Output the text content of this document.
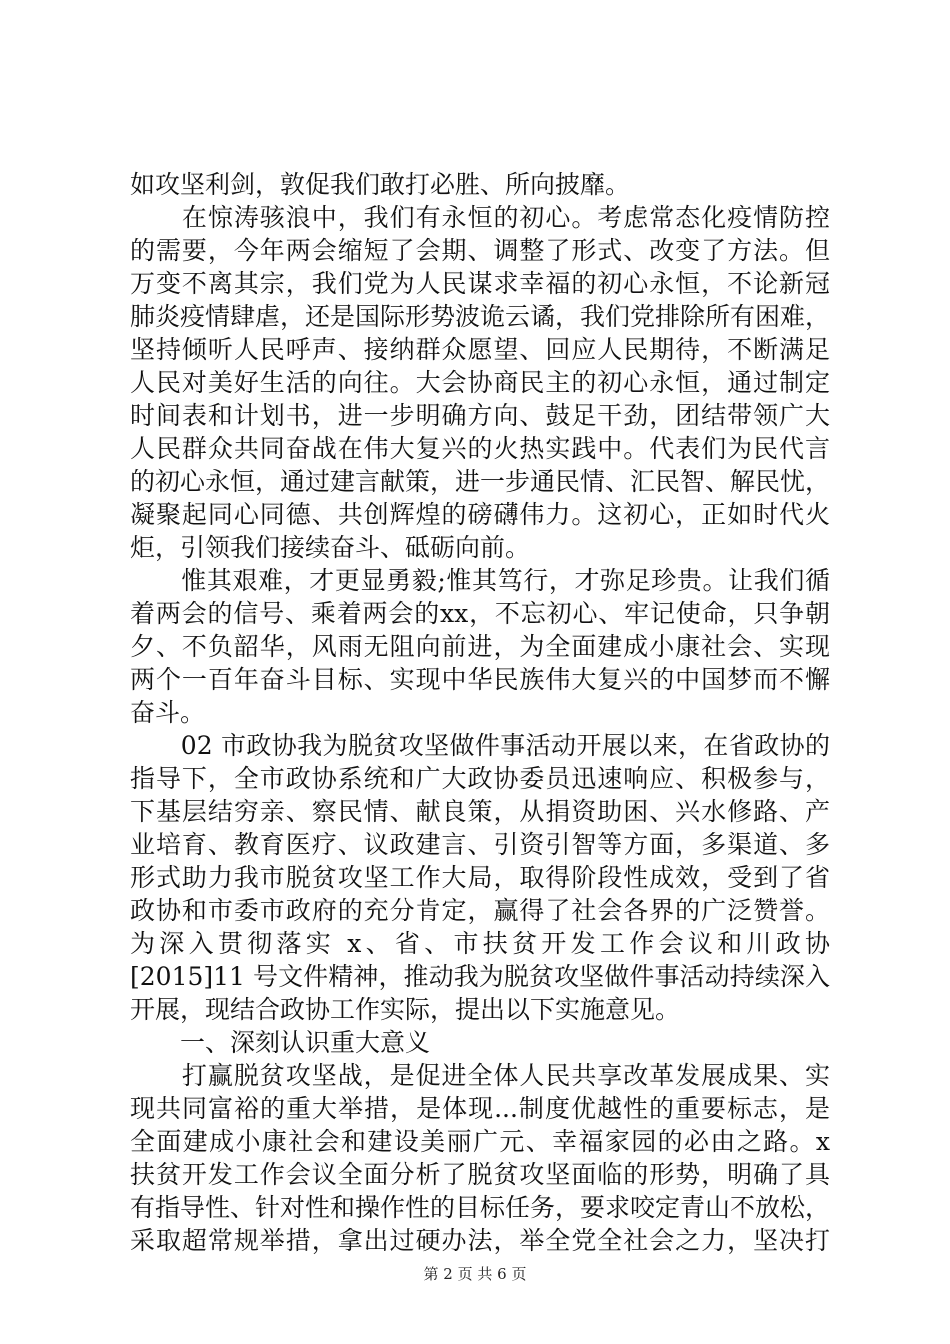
如攻坚利剑，敦促我们敢打必胜、所向披靡。
　　在惊涛骇浪中，我们有永恒的初心。考虑常态化疫情防控
的需要，今年两会缩短了会期、调整了形式、改变了方法。但
万变不离其宗，我们党为人民谋求幸福的初心永恒，不论新冠
肺炎疫情肆虐，还是国际形势波诡云谲，我们党排除所有困难，
坚持倾听人民呼声、接纳群众愿望、回应人民期待，不断满足
人民对美好生活的向往。大会协商民主的初心永恒，通过制定
时间表和计划书，进一步明确方向、鼓足干劲，团结带领广大
人民群众共同奋战在伟大复兴的火热实践中。代表们为民代言
的初心永恒，通过建言献策，进一步通民情、汇民智、解民忧，
凝聚起同心同德、共创辉煌的磅礴伟力。这初心，正如时代火
炬，引领我们接续奋斗、砥砺向前。
　　惟其艰难，才更显勇毅;惟其笃行，才弥足珍贵。让我们循
着两会的信号、乘着两会的xx，不忘初心、牢记使命，只争朝
夕、不负韶华，风雨无阻向前进，为全面建成小康社会、实现
两个一百年奋斗目标、实现中华民族伟大复兴的中国梦而不懈
奋斗。
　　02 市政协我为脱贫攻坚做件事活动开展以来，在省政协的
指导下，全市政协系统和广大政协委员迅速响应、积极参与，
下基层结穷亲、察民情、献良策，从捐资助困、兴水修路、产
业培育、教育医疗、议政建言、引资引智等方面，多渠道、多
形式助力我市脱贫攻坚工作大局，取得阶段性成效，受到了省
政协和市委市政府的充分肯定，赢得了社会各界的广泛赞誉。
为深入贯彻落实 x、省、市扶贫开发工作会议和川政协
[2015]11 号文件精神，推动我为脱贫攻坚做件事活动持续深入
开展，现结合政协工作实际，提出以下实施意见。
　　一、深刻认识重大意义
　　打赢脱贫攻坚战，是促进全体人民共享改革发展成果、实
现共同富裕的重大举措，是体现...制度优越性的重要标志，是
全面建成小康社会和建设美丽广元、幸福家园的必由之路。x
扶贫开发工作会议全面分析了脱贫攻坚面临的形势，明确了具
有指导性、针对性和操作性的目标任务，要求咬定青山不放松，
采取超常规举措，拿出过硬办法，举全党全社会之力，坚决打
第 2 页 共 6 页
